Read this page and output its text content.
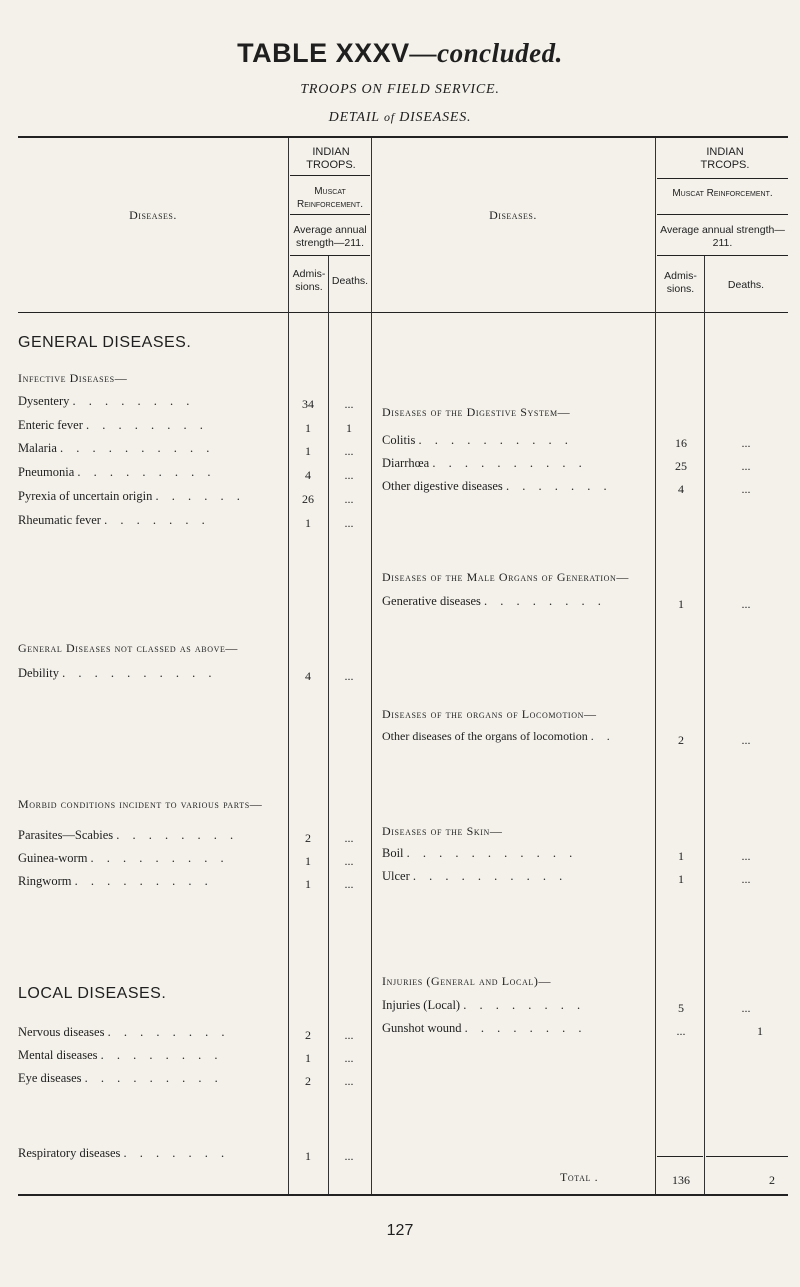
TABLE XXXV—concluded.
TROOPS ON FIELD SERVICE.
DETAIL of DISEASES.
Diseases.	Diseases.
INDIAN TROOPS.
Muscat Reinforcement.
Average annual strength—211.
Admis-sions. Deaths.
INDIAN TRCOPS.
Muscat Reinforcement.
Average annual strength—211.
Admis-sions.	Deaths.
GENERAL DISEASES.
Infective Diseases—
Dysentery . . . . . . . .	34	...
Enteric fever . . . . . . . .	1	1
Malaria . . . . . . . . . .	1	...
Pneumonia . . . . . . . . .	4	...
Pyrexia of uncertain origin . . . . . .	26	...
Rheumatic fever . . . . . . .	1	...
General Diseases not classed as above—
Debility . . . . . . . . . .	4	...
Morbid conditions incident to various parts—
Parasites—Scabies . . . . . . . .	2	...
Guinea-worm . . . . . . . . .	1	...
Ringworm . . . . . . . . .	1	...
LOCAL DISEASES.
Nervous diseases . . . . . . . .	2	...
Mental diseases . . . . . . . .	1	...
Eye diseases . . . . . . . . .	2	...
Respiratory diseases . . . . . . .	1	...
Diseases of the Digestive System—
Colitis . . . . . . . . . .	16	...
Diarrhœa . . . . . . . . . .	25	...
Other digestive diseases . . . . . . .	4	...
Diseases of the Male Organs of Generation—
Generative diseases . . . . . . . .	1	...
Diseases of the organs of Locomotion—
Other diseases of the organs of locomotion . .	2	...
Diseases of the Skin—
Boil . . . . . . . . . . .	1	...
Ulcer . . . . . . . . . .	1	...
Injuries (General and Local)—
Injuries (Local) . . . . . . . .	5	...
Gunshot wound . . . . . . . .	...	1
Total .	136	2
127
